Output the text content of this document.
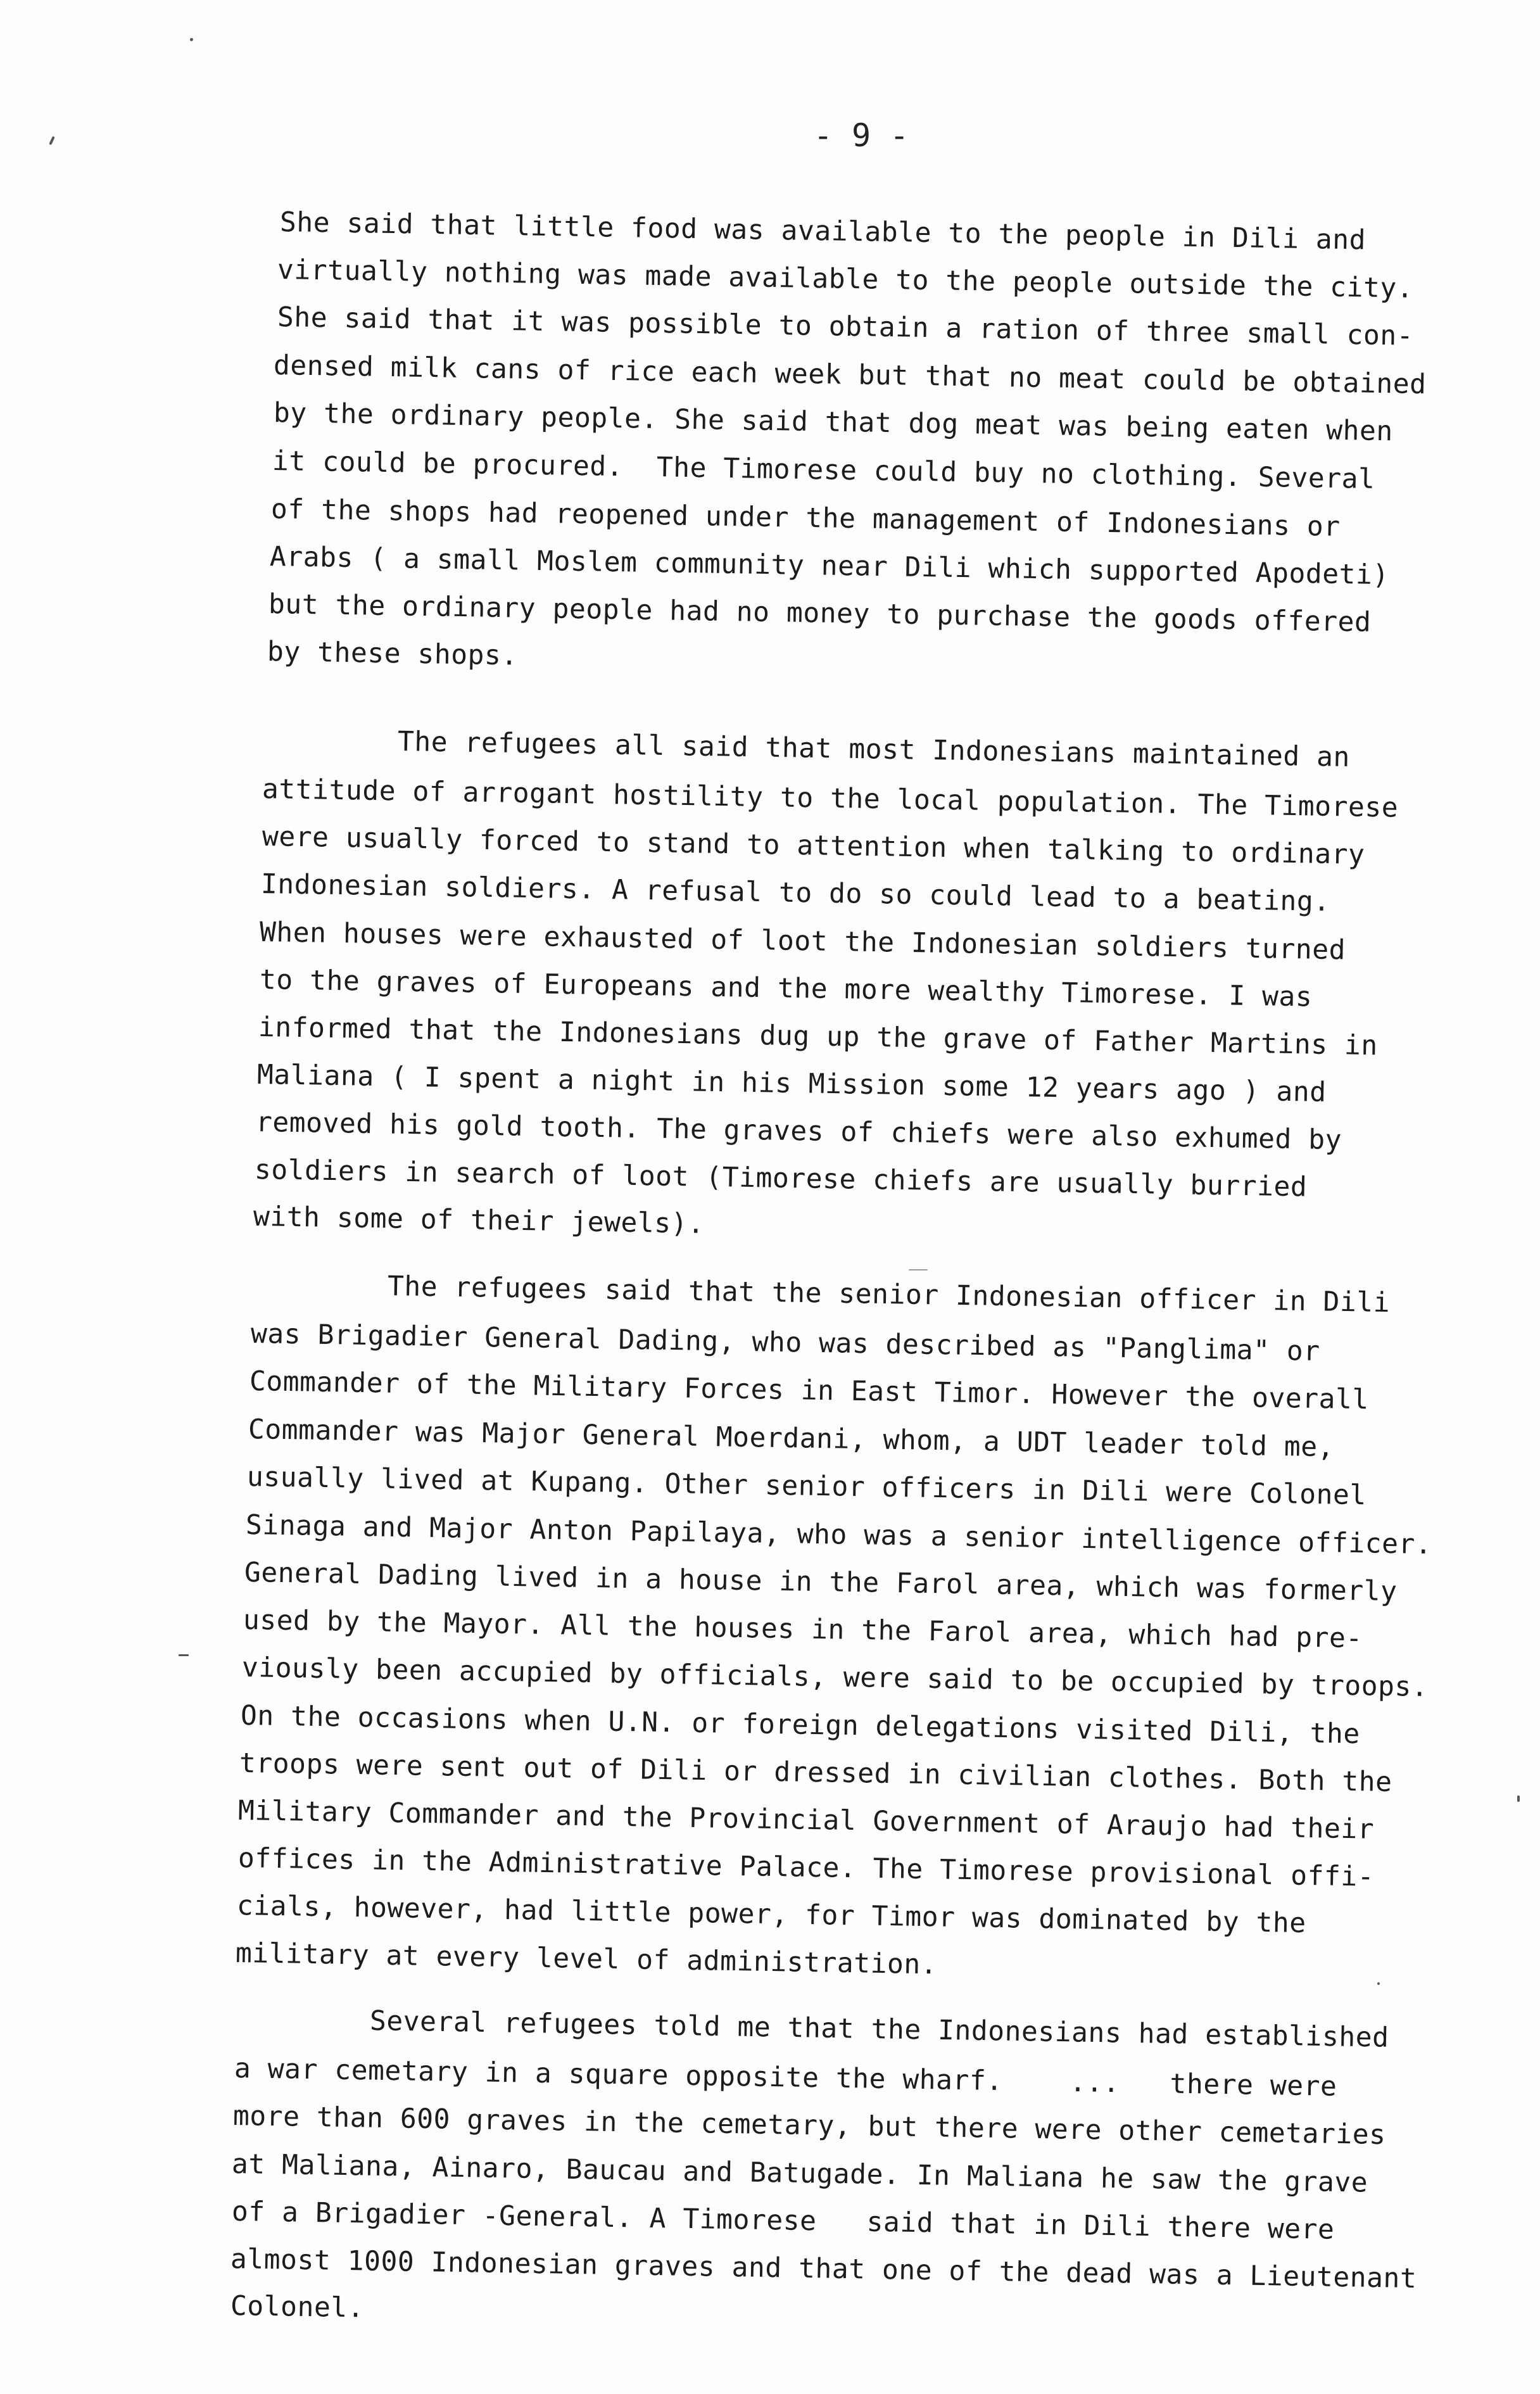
- 9 -
She said that little food was available to the people in Dili and
virtually nothing was made available to the people outside the city.
She said that it was possible to obtain a ration of three small con-
densed milk cans of rice each week but that no meat could be obtained
by the ordinary people. She said that dog meat was being eaten when
it could be procured.  The Timorese could buy no clothing. Several
of the shops had reopened under the management of Indonesians or
Arabs ( a small Moslem community near Dili which supported Apodeti)
but the ordinary people had no money to purchase the goods offered
by these shops.
The refugees all said that most Indonesians maintained an
attitude of arrogant hostility to the local population. The Timorese
were usually forced to stand to attention when talking to ordinary
Indonesian soldiers. A refusal to do so could lead to a beating.
When houses were exhausted of loot the Indonesian soldiers turned
to the graves of Europeans and the more wealthy Timorese. I was
informed that the Indonesians dug up the grave of Father Martins in
Maliana ( I spent a night in his Mission some 12 years ago ) and
removed his gold tooth. The graves of chiefs were also exhumed by
soldiers in search of loot (Timorese chiefs are usually burried
with some of their jewels).
The refugees said that the senior Indonesian officer in Dili
was Brigadier General Dading, who was described as "Panglima" or
Commander of the Military Forces in East Timor. However the overall
Commander was Major General Moerdani, whom, a UDT leader told me,
usually lived at Kupang. Other senior officers in Dili were Colonel
Sinaga and Major Anton Papilaya, who was a senior intelligence officer.
General Dading lived in a house in the Farol area, which was formerly
used by the Mayor. All the houses in the Farol area, which had pre-
viously been accupied by officials, were said to be occupied by troops.
On the occasions when U.N. or foreign delegations visited Dili, the
troops were sent out of Dili or dressed in civilian clothes. Both the
Military Commander and the Provincial Government of Araujo had their
offices in the Administrative Palace. The Timorese provisional offi-
cials, however, had little power, for Timor was dominated by the
military at every level of administration.
Several refugees told me that the Indonesians had established
a war cemetary in a square opposite the wharf.    ...   there were
more than 600 graves in the cemetary, but there were other cemetaries
at Maliana, Ainaro, Baucau and Batugade. In Maliana he saw the grave
of a Brigadier -General. A Timorese   said that in Dili there were
almost 1000 Indonesian graves and that one of the dead was a Lieutenant
Colonel.
